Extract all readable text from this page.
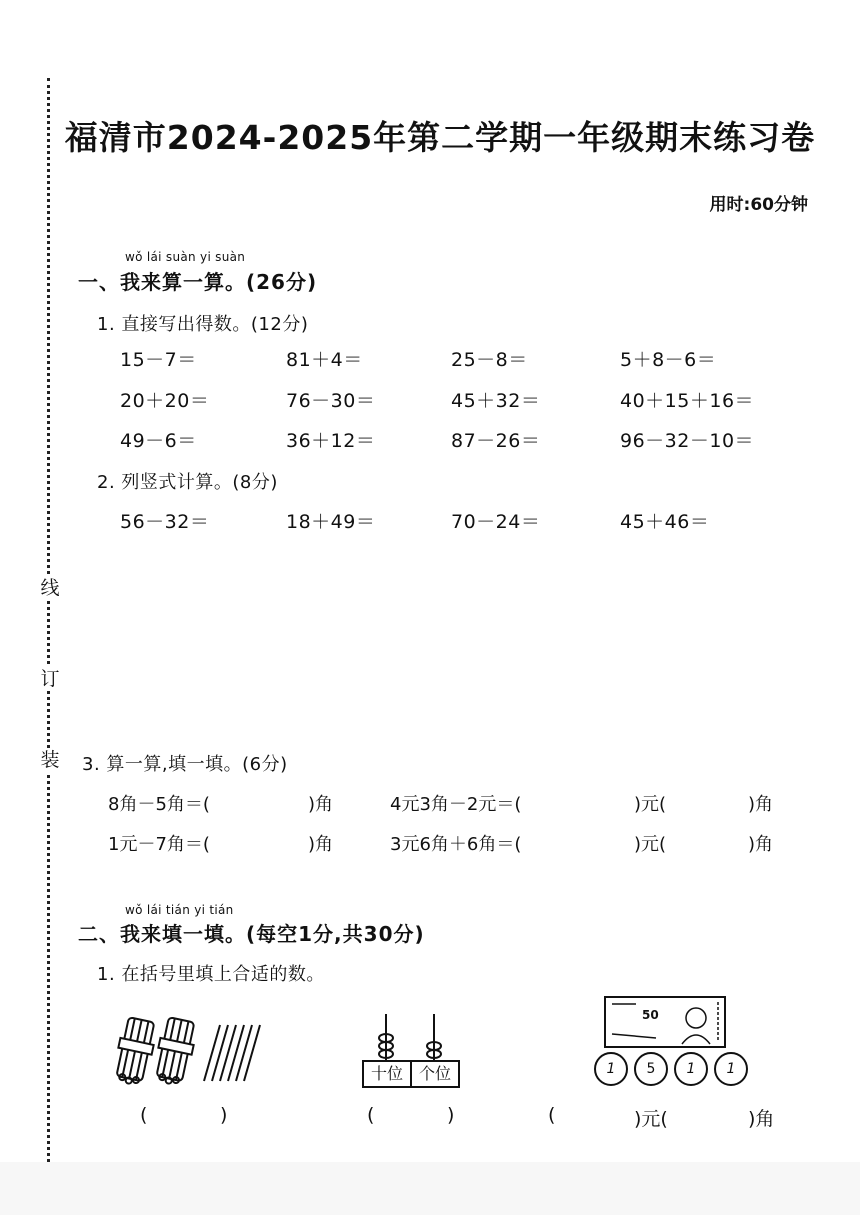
线
订
装
福清市2024-2025年第二学期一年级期末练习卷
用时:60分钟
wǒ lái suàn yi suàn
一、我来算一算。(26分)
1. 直接写出得数。(12分)
15－7＝	81＋4＝	25－8＝	5＋8－6＝
20＋20＝	76－30＝	45＋32＝	40＋15＋16＝
49－6＝	36＋12＝	87－26＝	96－32－10＝
2. 列竖式计算。(8分)
56－32＝	18＋49＝	70－24＝	45＋46＝
3. 算一算,填一填。(6分)
8角－5角＝(	)角	4元3角－2元＝(	)元(	)角
1元－7角＝(	)角	3元6角＋6角＝(	)元(	)角
wǒ lái tián yi tián
二、我来填一填。(每空1分,共30分)
1. 在括号里填上合适的数。
十位 个位
50
1	5	1	1
(	)	(	)	(	)元(	)角
